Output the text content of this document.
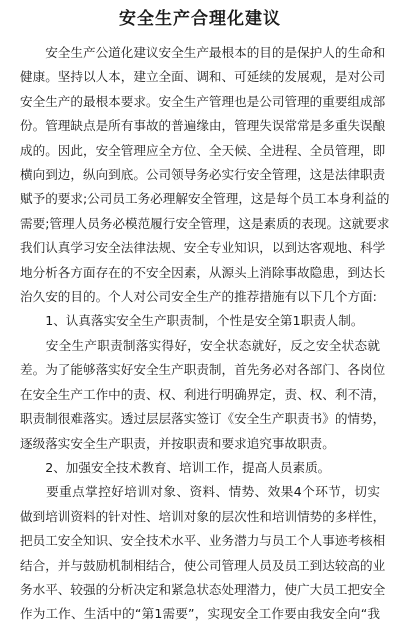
安全生产合理化建议

　　安全生产公道化建议安全生产最根本的目的是保护人的生命和
健康。坚持以人本，建立全面、调和、可延续的发展观，是对公司
安全生产的最根本要求。安全生产管理也是公司管理的重要组成部
份。管理缺点是所有事故的普遍缘由，管理失误常常是多重失误酿
成的。因此，安全管理应全方位、全天候、全进程、全员管理，即
横向到边，纵向到底。公司领导务必实行安全管理，这是法律职责
赋予的要求;公司员工务必理解安全管理，这是每个员工本身利益的
需要;管理人员务必模范履行安全管理，这是素质的表现。这就要求
我们认真学习安全法律法规、安全专业知识，以到达客观地、科学
地分析各方面存在的不安全因素，从源头上消除事故隐患，到达长
治久安的目的。个人对公司安全生产的推荐措施有以下几个方面:

　　1、认真落实安全生产职责制，个性是安全第1职责人制。

　　安全生产职责制落实得好，安全状态就好，反之安全状态就
差。为了能够落实好安全生产职责制，首先务必对各部门、各岗位
在安全生产工作中的责、权、利进行明确界定，责、权、利不清，
职责制很难落实。透过层层落实签订《安全生产职责书》的情势，
逐级落实安全生产职责，并按职责和要求追究事故职责。

　　2、加强安全技术教育、培训工作，提高人员素质。

　　要重点掌控好培训对象、资料、情势、效果4个环节，切实
做到培训资料的针对性、培训对象的层次性和培训情势的多样性，
把员工安全知识、安全技术水平、业务潜力与员工个人事迹考核相
结合，并与鼓励机制相结合，使公司管理人员及员工到达较高的业
务水平、较强的分析决定和紧急状态处理潜力，使广大员工把安全
作为工作、生活中的“第1需要”，实现安全工作要由我安全向“我
